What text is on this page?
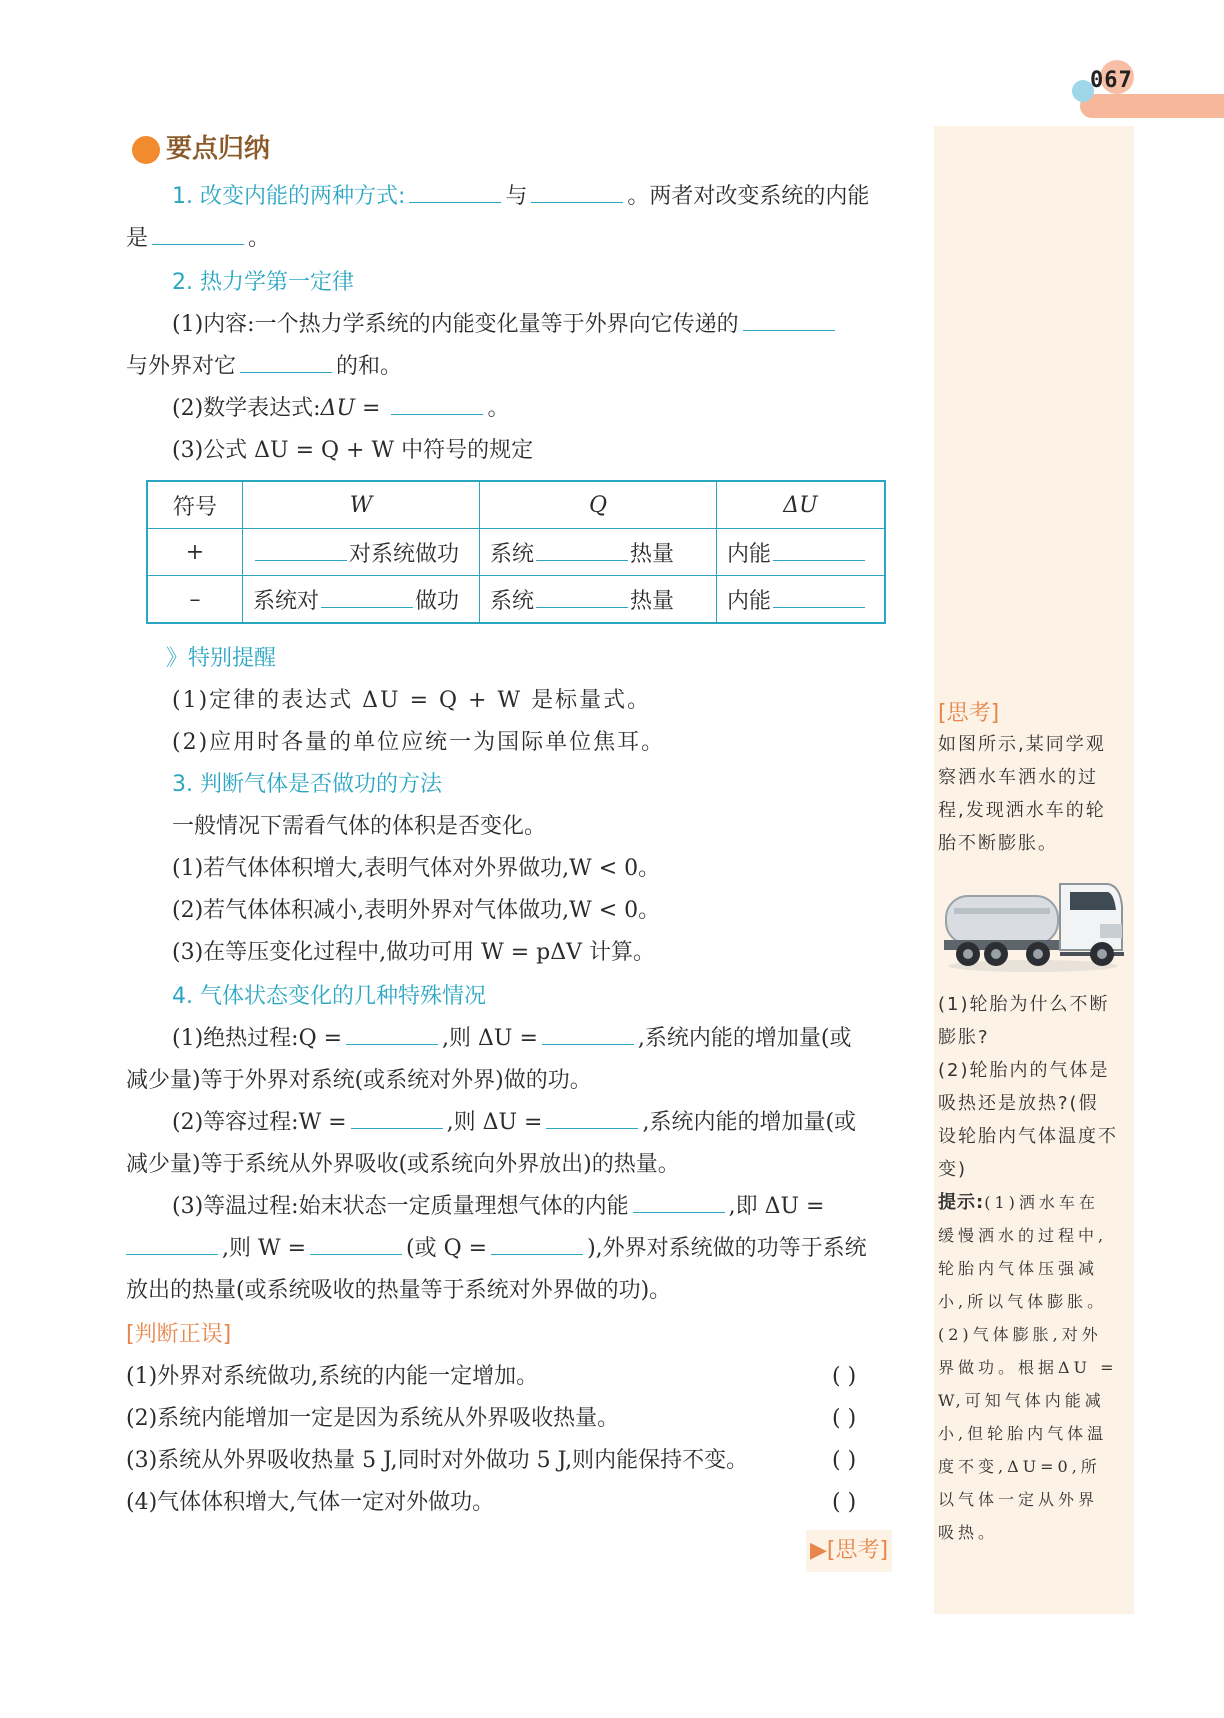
067
要点归纳
1. 改变内能的两种方式:	与	。两者对改变系统的内能
是	。
2. 热力学第一定律
(1)内容:一个热力学系统的内能变化量等于外界向它传递的
与外界对它	的和。
(2)数学表达式:ΔU =	。
(3)公式 ΔU = Q + W 中符号的规定
符号	W	Q	ΔU
+	对系统做功	系统 热量	内能
–	系统对 做功	系统 热量	内能
》特别提醒
(1)定律的表达式 ΔU = Q + W 是标量式。
(2)应用时各量的单位应统一为国际单位焦耳。
3. 判断气体是否做功的方法
一般情况下需看气体的体积是否变化。
(1)若气体体积增大,表明气体对外界做功,W < 0。
(2)若气体体积减小,表明外界对气体做功,W < 0。
(3)在等压变化过程中,做功可用 W = pΔV 计算。
4. 气体状态变化的几种特殊情况
(1)绝热过程:Q =	,则 ΔU =	,系统内能的增加量(或
减少量)等于外界对系统(或系统对外界)做的功。
(2)等容过程:W =	,则 ΔU =	,系统内能的增加量(或
减少量)等于系统从外界吸收(或系统向外界放出)的热量。
(3)等温过程:始末状态一定质量理想气体的内能	,即 ΔU =
,则 W =	(或 Q =	),外界对系统做的功等于系统
放出的热量(或系统吸收的热量等于系统对外界做的功)。
[判断正误]
(1)外界对系统做功,系统的内能一定增加。
(2)系统内能增加一定是因为系统从外界吸收热量。
(3)系统从外界吸收热量 5 J,同时对外做功 5 J,则内能保持不变。
(4)气体体积增大,气体一定对外做功。
( )
( )
( )
( )
▶[思考]
[思考]
如图所示,某同学观
察洒水车洒水的过
程,发现洒水车的轮
胎不断膨胀。
(1)轮胎为什么不断
膨胀?
(2)轮胎内的气体是
吸热还是放热?(假
设轮胎内气体温度不
变)
提示:(1)洒水车在
缓慢洒水的过程中,
轮胎内气体压强减
小,所以气体膨胀。
(2)气体膨胀,对外
界做功。根据ΔU =
W,可知气体内能减
小,但轮胎内气体温
度不变,ΔU=0,所
以气体一定从外界
吸热。
